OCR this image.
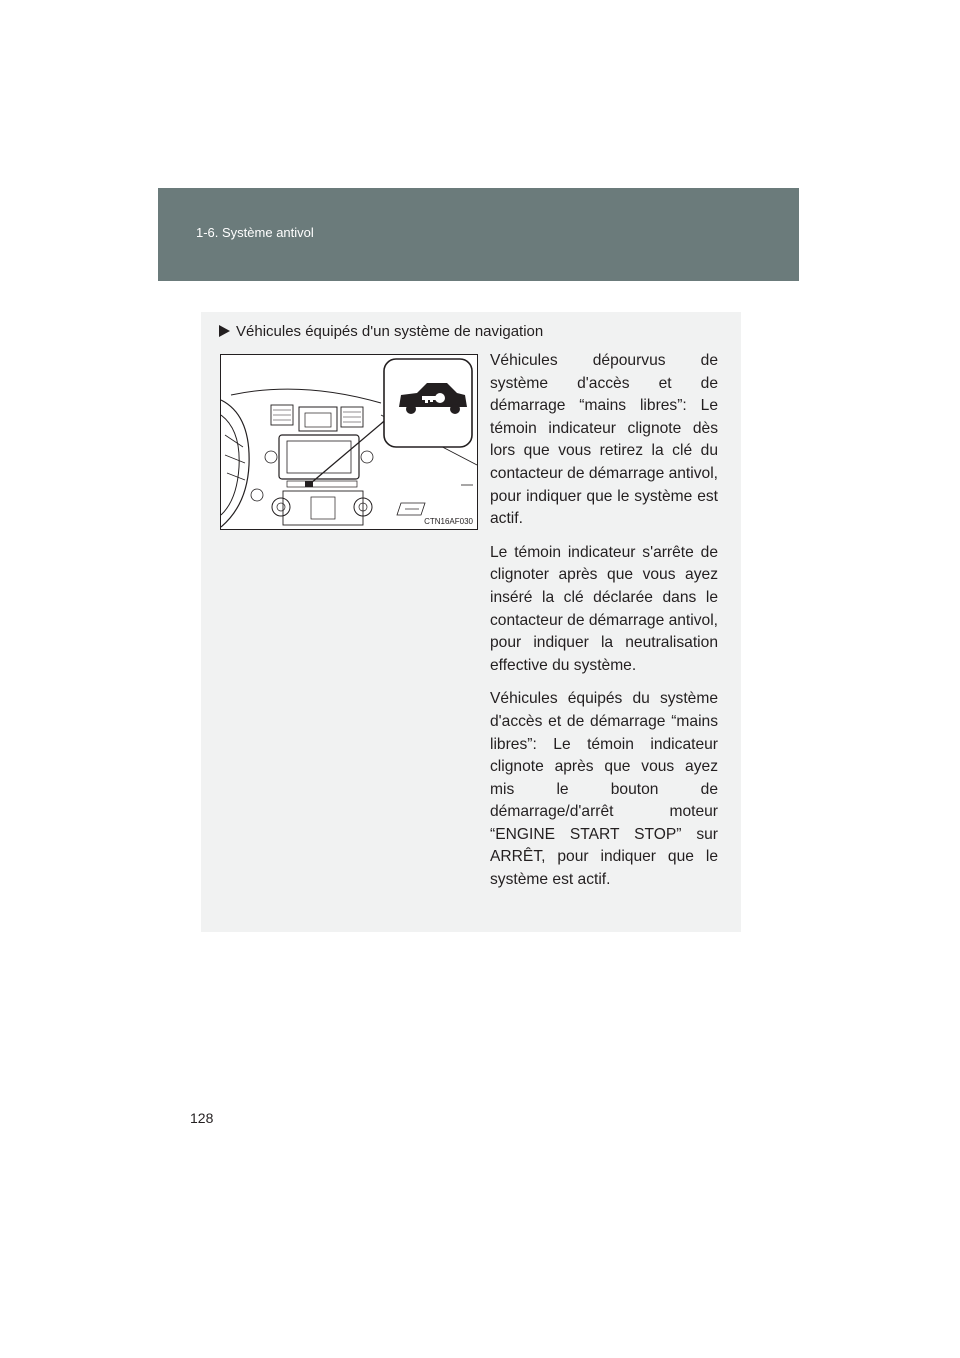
1-6. Système antivol
Véhicules équipés d'un système de navigation
CTN16AF030

Véhicules dépourvus de système d'accès et de démarrage “mains libres”: Le témoin indicateur clignote dès lors que vous retirez la clé du contacteur de démarrage antivol, pour indiquer que le système est actif.

Le témoin indicateur s'arrête de clignoter après que vous ayez inséré la clé déclarée dans le contacteur de démarrage antivol, pour indiquer la neutralisation effective du système.

Véhicules équipés du système d'accès et de démarrage “mains libres”: Le témoin indicateur clignote après que vous ayez mis le bouton de démarrage/d'arrêt moteur “ENGINE START STOP” sur ARRÊT, pour indiquer que le système est actif.

128
